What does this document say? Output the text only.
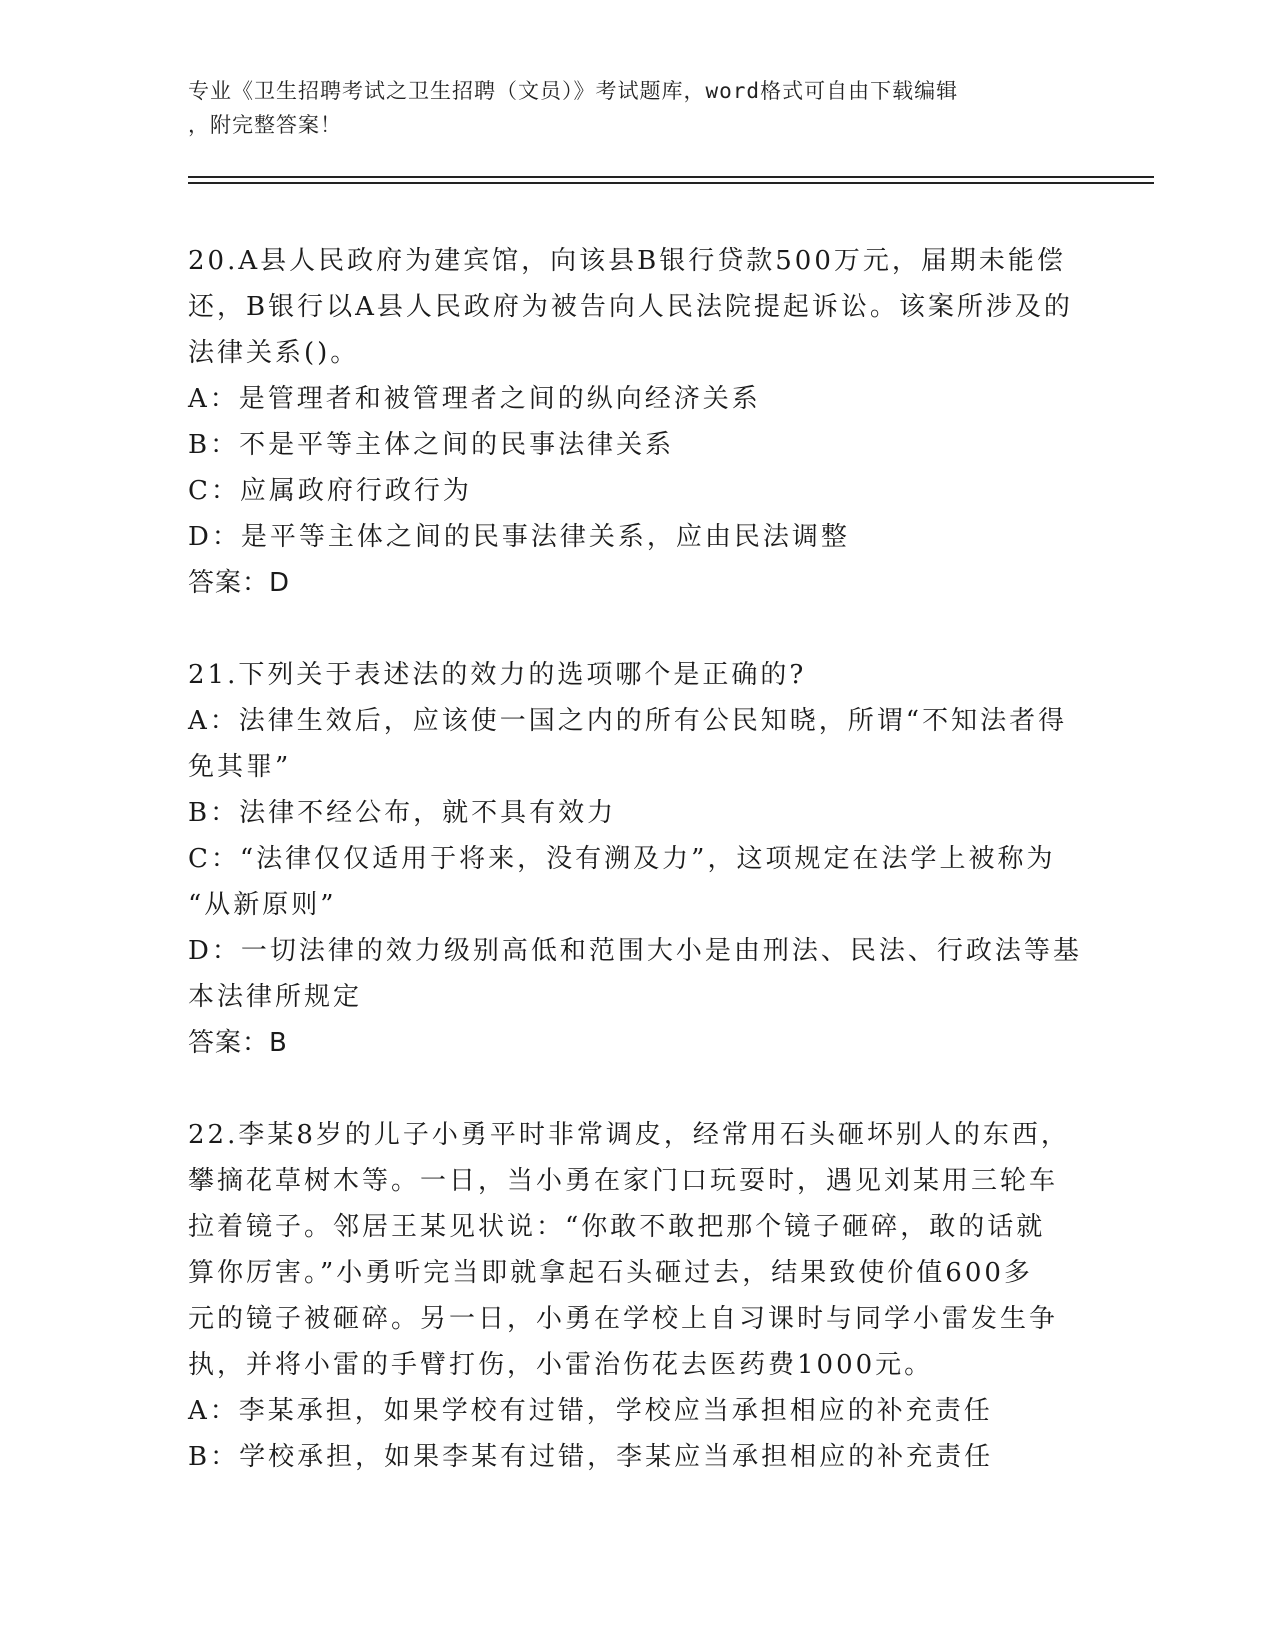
专业《卫生招聘考试之卫生招聘（文员）》考试题库，word格式可自由下载编辑
，附完整答案！
20.A县人民政府为建宾馆，向该县B银行贷款500万元，届期未能偿
还，B银行以A县人民政府为被告向人民法院提起诉讼。该案所涉及的
法律关系()。
A：是管理者和被管理者之间的纵向经济关系
B：不是平等主体之间的民事法律关系
C：应属政府行政行为
D：是平等主体之间的民事法律关系，应由民法调整
答案：D
21.下列关于表述法的效力的选项哪个是正确的?
A：法律生效后，应该使一国之内的所有公民知晓，所谓“不知法者得
免其罪”
B：法律不经公布，就不具有效力
C：“法律仅仅适用于将来，没有溯及力”，这项规定在法学上被称为
“从新原则”
D：一切法律的效力级别高低和范围大小是由刑法、民法、行政法等基
本法律所规定
答案：B
22.李某8岁的儿子小勇平时非常调皮，经常用石头砸坏别人的东西，
攀摘花草树木等。一日，当小勇在家门口玩耍时，遇见刘某用三轮车
拉着镜子。邻居王某见状说：“你敢不敢把那个镜子砸碎，敢的话就
算你厉害。”小勇听完当即就拿起石头砸过去，结果致使价值600多
元的镜子被砸碎。另一日，小勇在学校上自习课时与同学小雷发生争
执，并将小雷的手臂打伤，小雷治伤花去医药费1000元。
A：李某承担，如果学校有过错，学校应当承担相应的补充责任
B：学校承担，如果李某有过错，李某应当承担相应的补充责任
